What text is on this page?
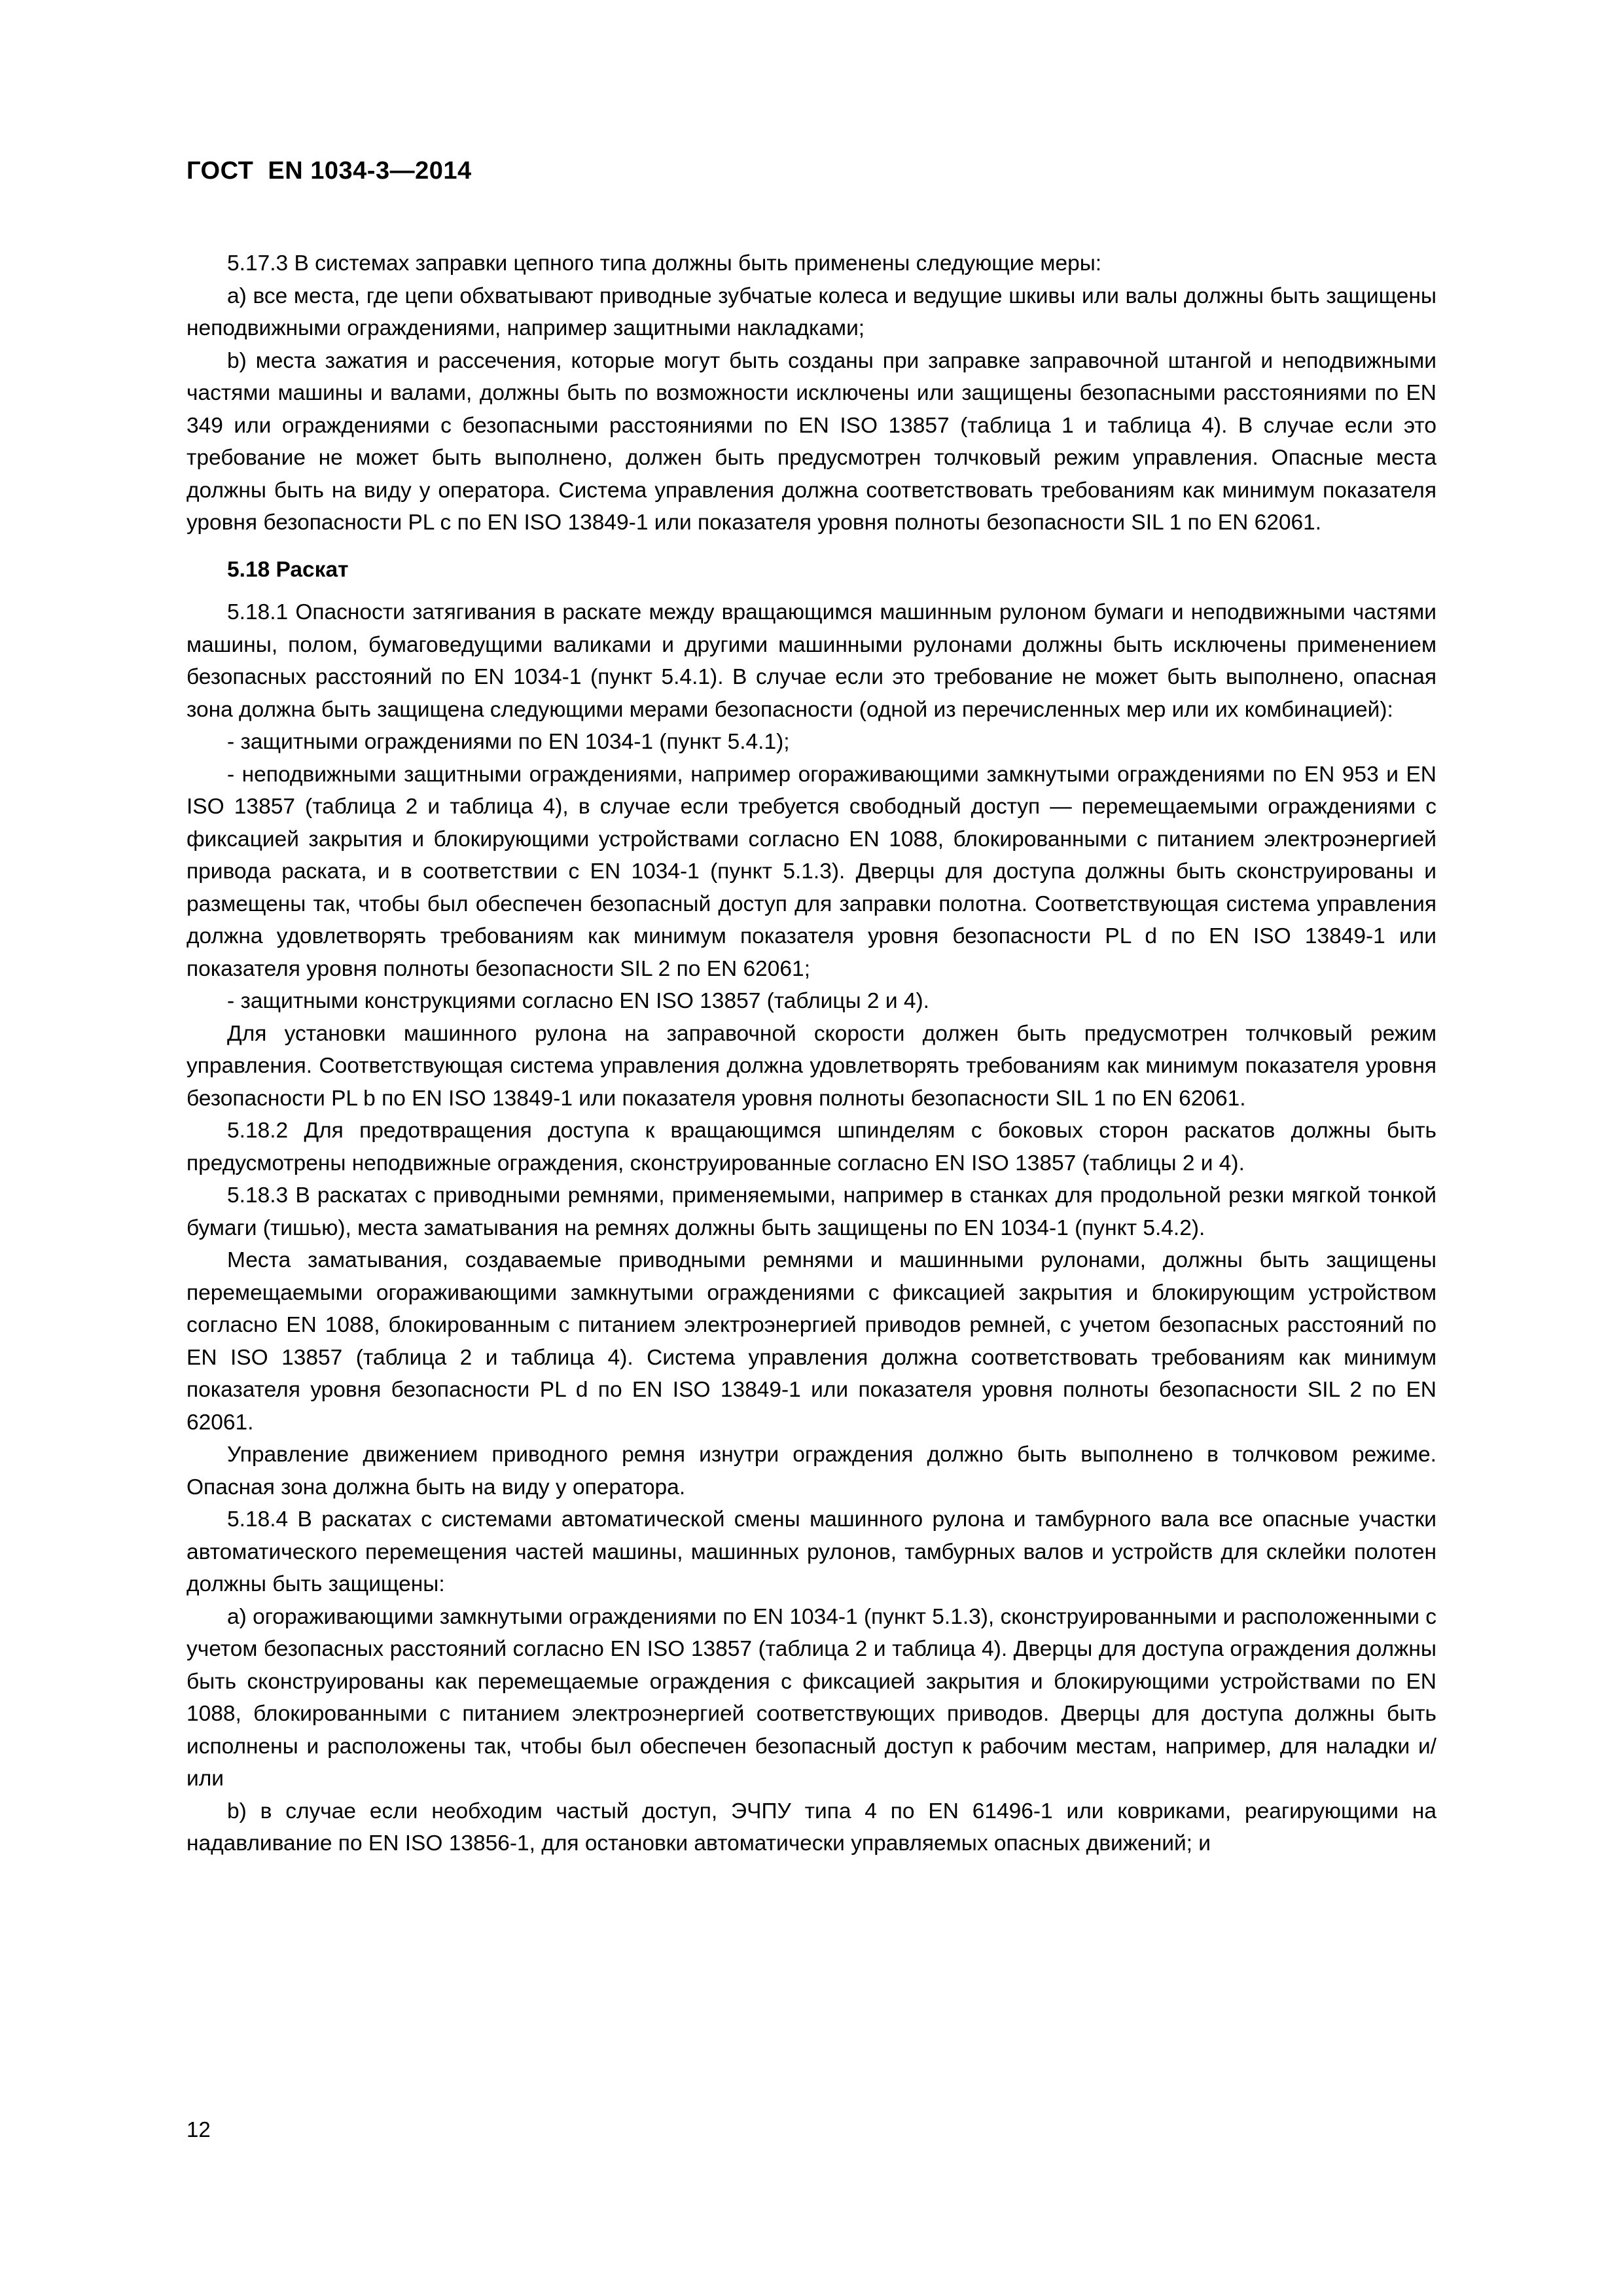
ГОСТ  EN 1034-3—2014

5.17.3 В системах заправки цепного типа должны быть применены следующие меры:

a) все места, где цепи обхватывают приводные зубчатые колеса и ведущие шкивы или валы должны быть защищены неподвижными ограждениями, например защитными накладками;

b) места зажатия и рассечения, которые могут быть созданы при заправке заправочной штангой и неподвижными частями машины и валами, должны быть по возможности исключены или защищены безопасными расстояниями по EN 349 или ограждениями с безопасными расстояниями по EN ISO 13857 (таблица 1 и таблица 4). В случае если это требование не может быть выполнено, должен быть предусмотрен толчковый режим управления. Опасные места должны быть на виду у оператора. Система управления должна соответствовать требованиям как минимум показателя уровня безопасности PL c по EN ISO 13849-1 или показателя уровня полноты безопасности SIL 1 по EN 62061.

5.18 Раскат

5.18.1 Опасности затягивания в раскате между вращающимся машинным рулоном бумаги и неподвижными частями машины, полом, бумаговедущими валиками и другими машинными рулонами должны быть исключены применением безопасных расстояний по EN 1034-1 (пункт 5.4.1). В случае если это требование не может быть выполнено, опасная зона должна быть защищена следующими мерами безопасности (одной из перечисленных мер или их комбинацией):

- защитными ограждениями по EN 1034-1 (пункт 5.4.1);

- неподвижными защитными ограждениями, например огораживающими замкнутыми ограждениями по EN 953 и EN ISO 13857 (таблица 2 и таблица 4), в случае если требуется свободный доступ — перемещаемыми ограждениями с фиксацией закрытия и блокирующими устройствами согласно EN 1088, блокированными с питанием электроэнергией привода раската, и в соответствии с EN 1034-1 (пункт 5.1.3). Дверцы для доступа должны быть сконструированы и размещены так, чтобы был обеспечен безопасный доступ для заправки полотна. Соответствующая система управления должна удовлетворять требованиям как минимум показателя уровня безопасности PL d по EN ISO 13849-1 или показателя уровня полноты безопасности SIL 2 по EN 62061;

- защитными конструкциями согласно EN ISO 13857 (таблицы 2 и 4).

Для установки машинного рулона на заправочной скорости должен быть предусмотрен толчковый режим управления. Соответствующая система управления должна удовлетворять требованиям как минимум показателя уровня безопасности PL b по EN ISO 13849-1 или показателя уровня полноты безопасности SIL 1 по EN 62061.

5.18.2 Для предотвращения доступа к вращающимся шпинделям с боковых сторон раскатов должны быть предусмотрены неподвижные ограждения, сконструированные согласно EN ISO 13857 (таблицы 2 и 4).

5.18.3 В раскатах с приводными ремнями, применяемыми, например в станках для продольной резки мягкой тонкой бумаги (тишью), места заматывания на ремнях должны быть защищены по EN 1034-1 (пункт 5.4.2).

Места заматывания, создаваемые приводными ремнями и машинными рулонами, должны быть защищены перемещаемыми огораживающими замкнутыми ограждениями с фиксацией закрытия и блокирующим устройством согласно EN 1088, блокированным с питанием электроэнергией приводов ремней, с учетом безопасных расстояний по EN ISO 13857 (таблица 2 и таблица 4). Система управления должна соответствовать требованиям как минимум показателя уровня безопасности PL d по EN ISO 13849-1 или показателя уровня полноты безопасности SIL 2 по EN 62061.

Управление движением приводного ремня изнутри ограждения должно быть выполнено в толчковом режиме. Опасная зона должна быть на виду у оператора.

5.18.4 В раскатах с системами автоматической смены машинного рулона и тамбурного вала все опасные участки автоматического перемещения частей машины, машинных рулонов, тамбурных валов и устройств для склейки полотен должны быть защищены:

a) огораживающими замкнутыми ограждениями по EN 1034-1 (пункт 5.1.3), сконструированными и расположенными с учетом безопасных расстояний согласно EN ISO 13857 (таблица 2 и таблица 4). Дверцы для доступа ограждения должны быть сконструированы как перемещаемые ограждения с фиксацией закрытия и блокирующими устройствами по EN 1088, блокированными с питанием электроэнергией соответствующих приводов. Дверцы для доступа должны быть исполнены и расположены так, чтобы был обеспечен безопасный доступ к рабочим местам, например, для наладки и/или

b) в случае если необходим частый доступ, ЭЧПУ типа 4 по EN 61496-1 или ковриками, реагирующими на надавливание по EN ISO 13856-1, для остановки автоматически управляемых опасных движений; и

12
